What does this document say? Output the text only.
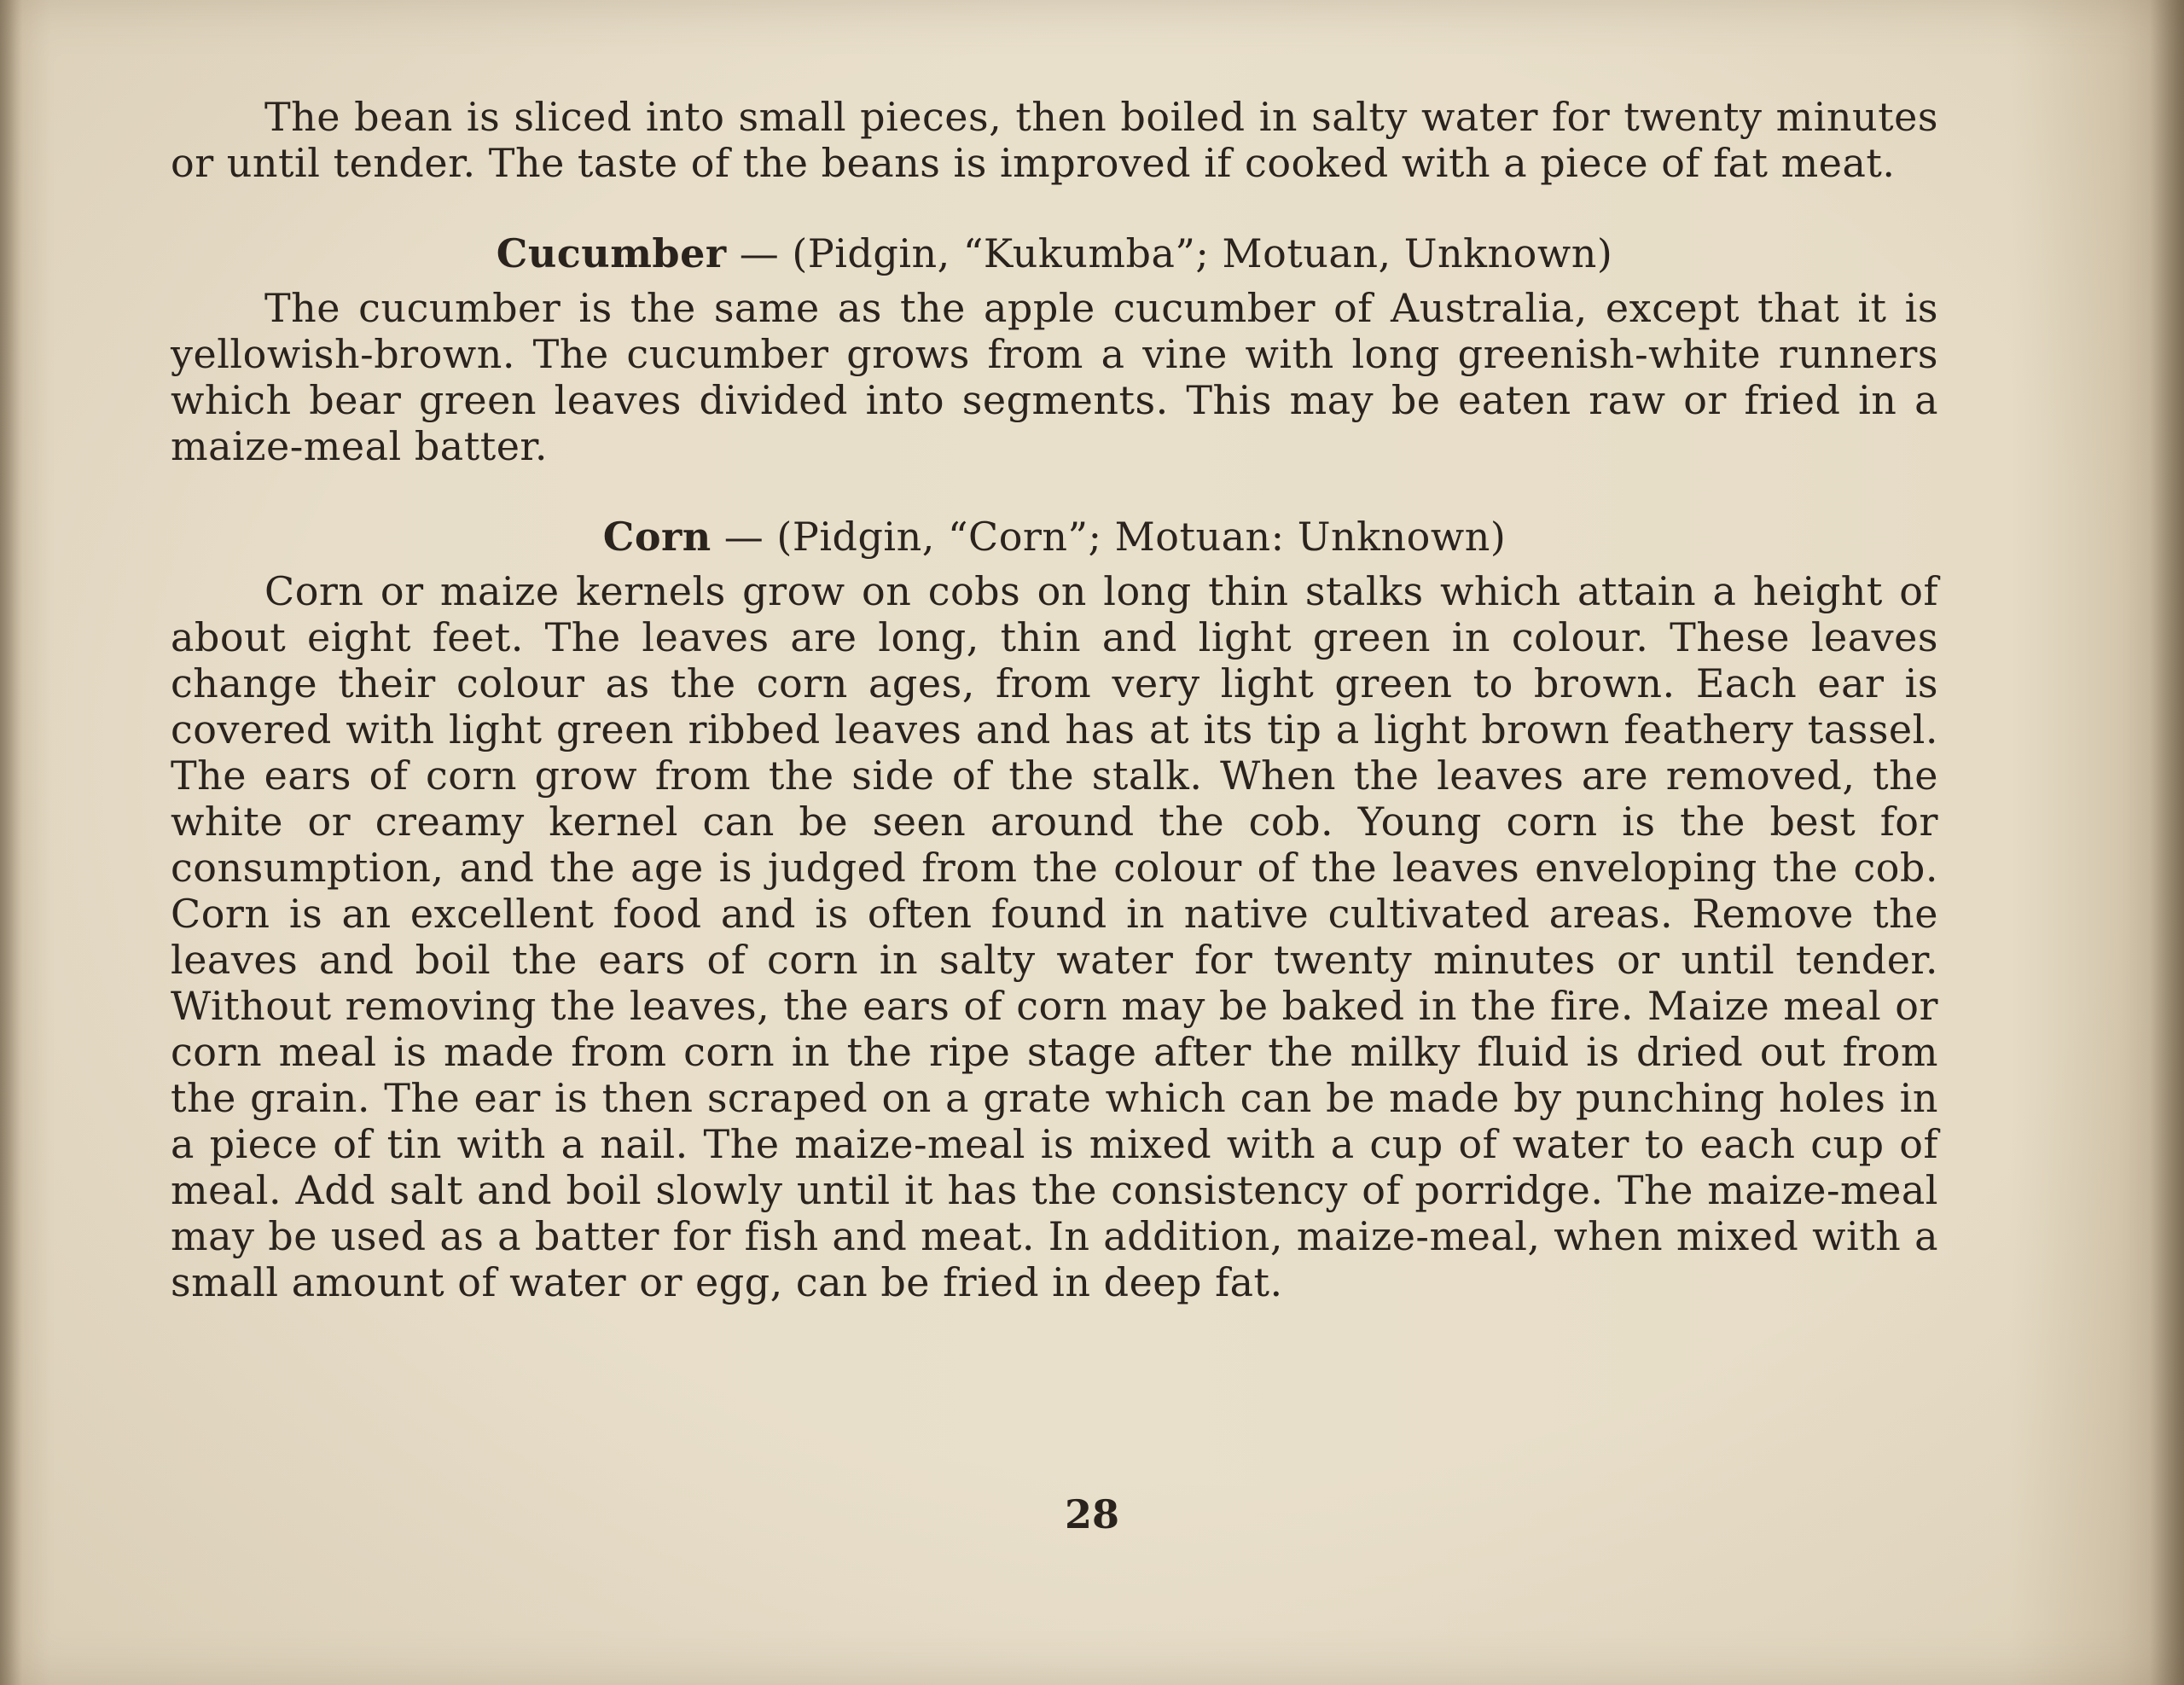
The bean is sliced into small pieces, then boiled in salty water for twenty minutes or until tender. The taste of the beans is improved if cooked with a piece of fat meat.

Cucumber — (Pidgin, “Kukumba”; Motuan, Unknown)

The cucumber is the same as the apple cucumber of Australia, except that it is yellowish-brown. The cucumber grows from a vine with long greenish-white runners which bear green leaves divided into segments. This may be eaten raw or fried in a maize-meal batter.

Corn — (Pidgin, “Corn”; Motuan: Unknown)

Corn or maize kernels grow on cobs on long thin stalks which attain a height of about eight feet. The leaves are long, thin and light green in colour. These leaves change their colour as the corn ages, from very light green to brown. Each ear is covered with light green ribbed leaves and has at its tip a light brown feathery tassel. The ears of corn grow from the side of the stalk. When the leaves are removed, the white or creamy kernel can be seen around the cob. Young corn is the best for consumption, and the age is judged from the colour of the leaves enveloping the cob. Corn is an excellent food and is often found in native cultivated areas. Remove the leaves and boil the ears of corn in salty water for twenty minutes or until tender. Without removing the leaves, the ears of corn may be baked in the fire. Maize meal or corn meal is made from corn in the ripe stage after the milky fluid is dried out from the grain. The ear is then scraped on a grate which can be made by punching holes in a piece of tin with a nail. The maize-meal is mixed with a cup of water to each cup of meal. Add salt and boil slowly until it has the consistency of porridge. The maize-meal may be used as a batter for fish and meat. In addition, maize-meal, when mixed with a small amount of water or egg, can be fried in deep fat.

28
